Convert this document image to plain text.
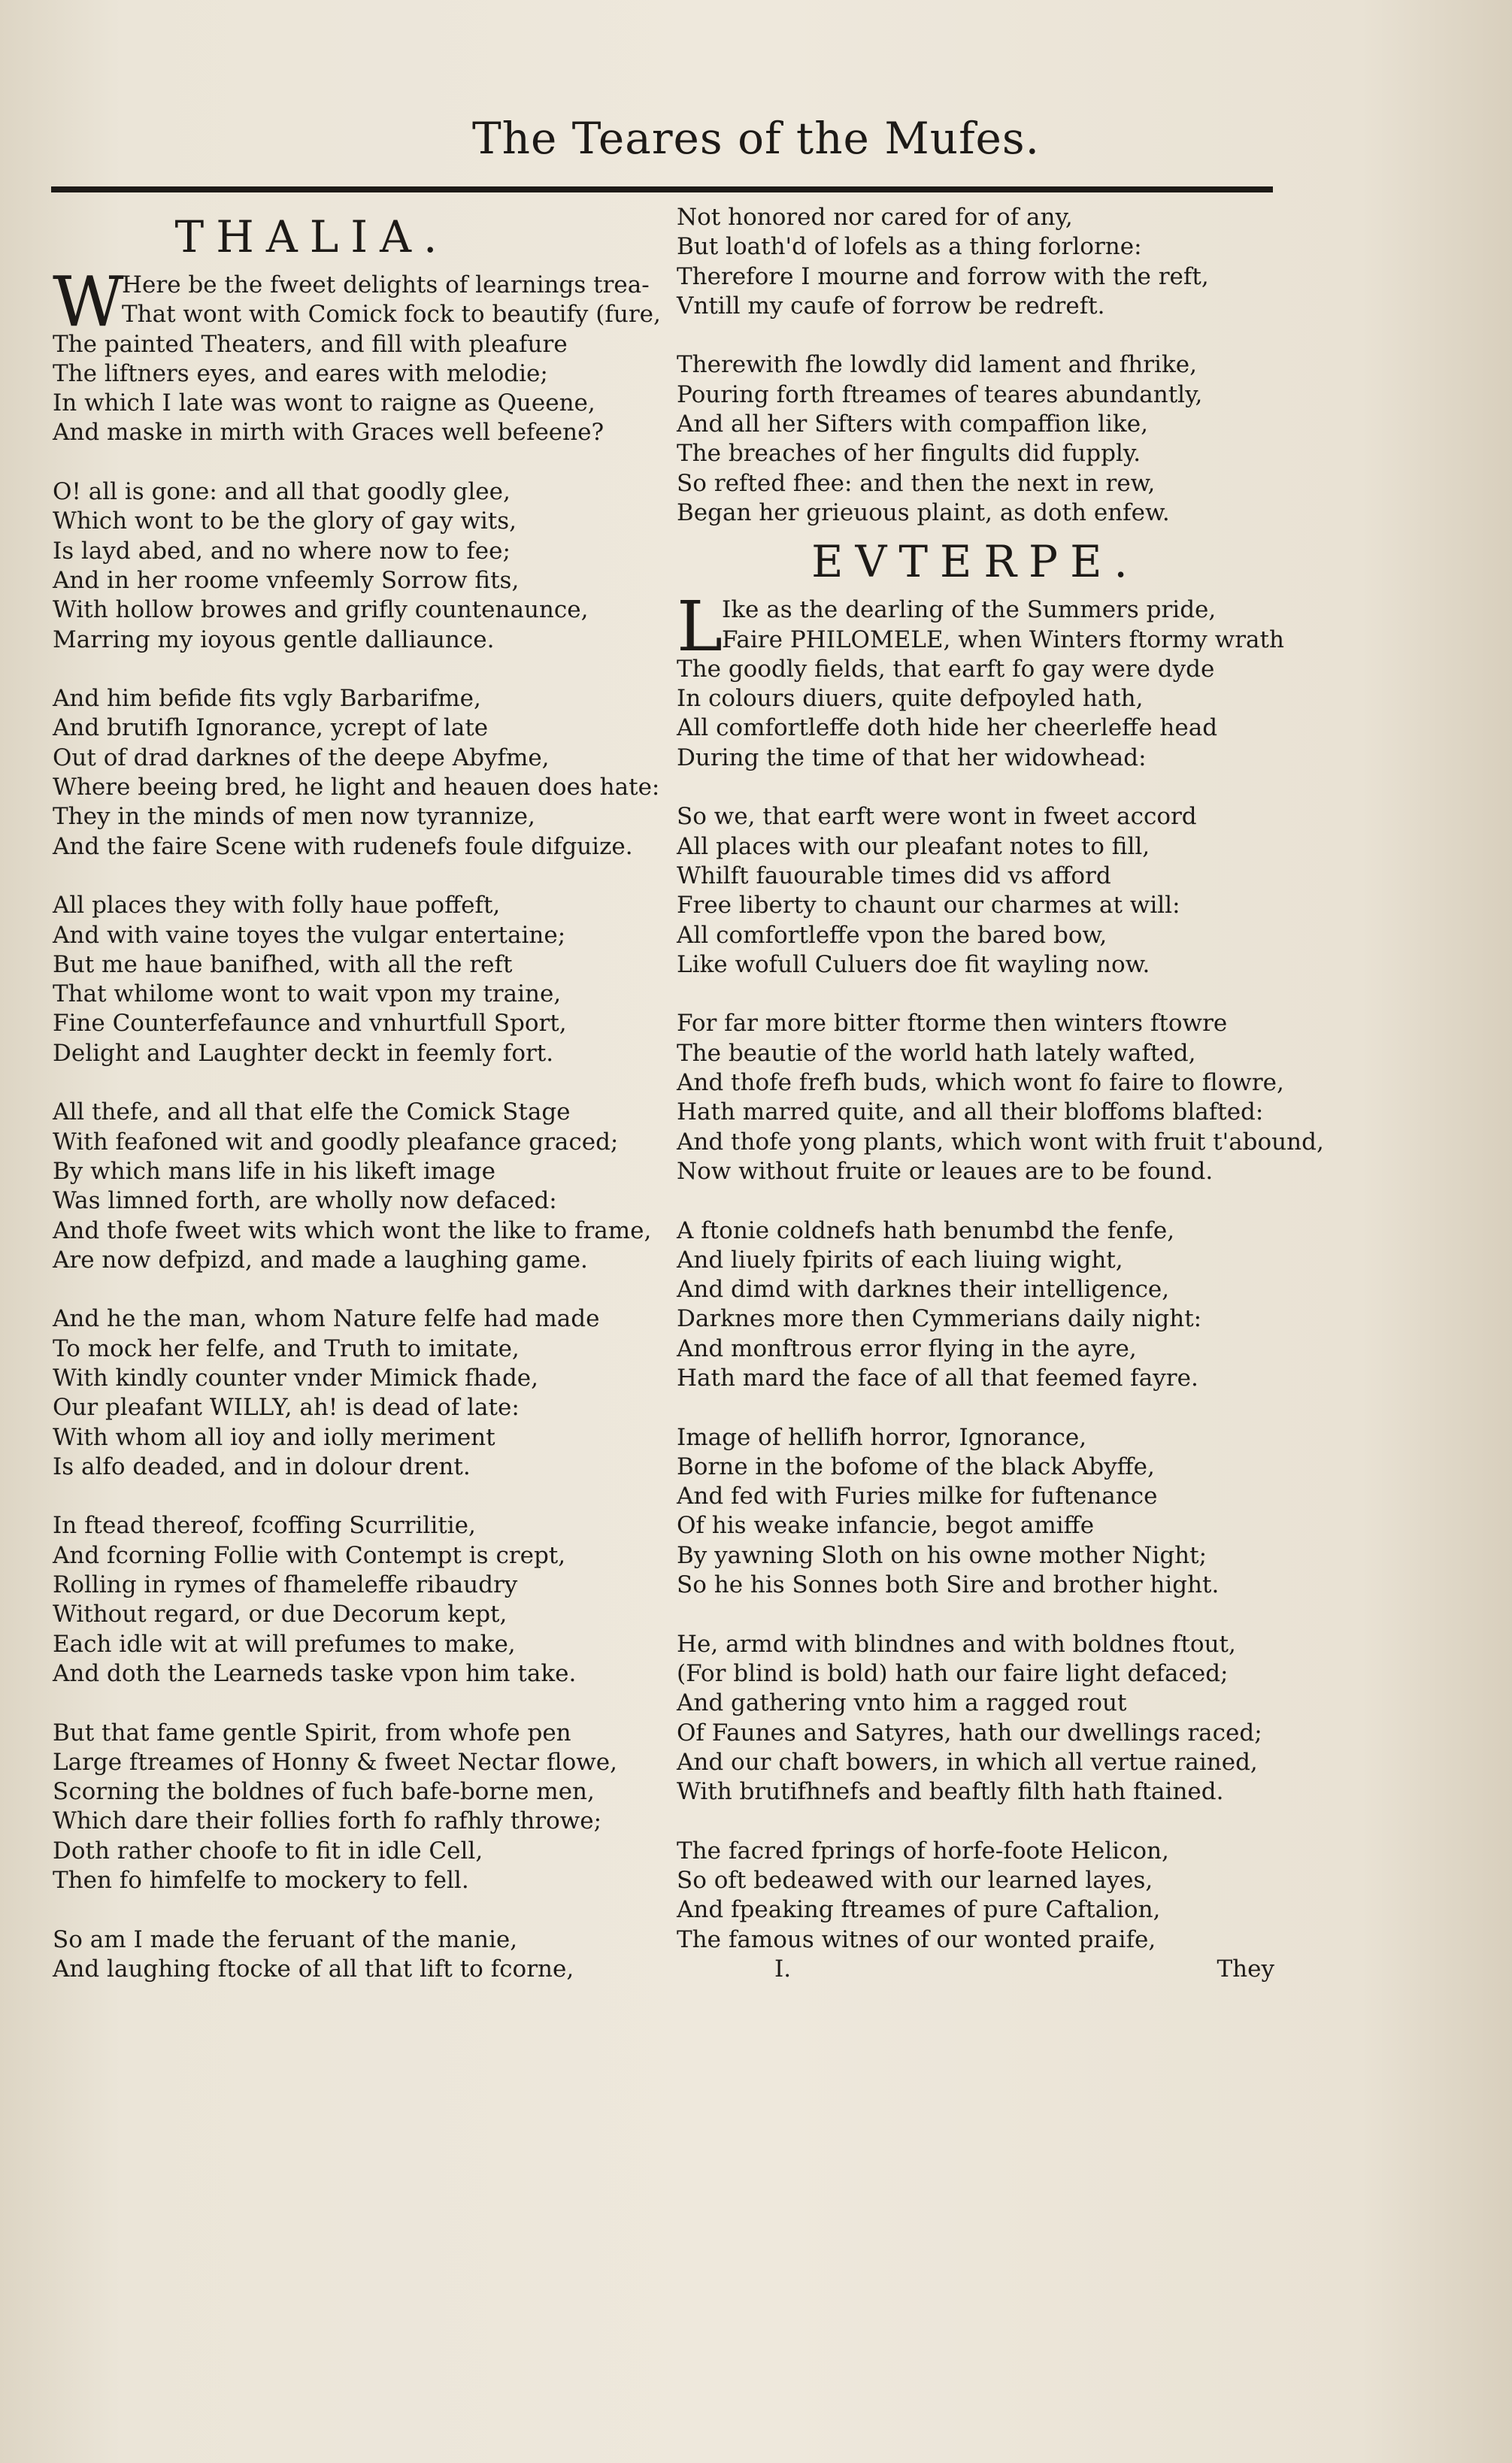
The Teares of the Mufes.
THALIA.
W
Here be the fweet delights of learnings trea-
That wont with Comick fock to beautify (fure,
The painted Theaters, and fill with pleafure
The liftners eyes, and eares with melodie;
In which I late was wont to raigne as Queene,
And maske in mirth with Graces well befeene?
O! all is gone: and all that goodly glee,
Which wont to be the glory of gay wits,
Is layd abed, and no where now to fee;
And in her roome vnfeemly Sorrow fits,
With hollow browes and grifly countenaunce,
Marring my ioyous gentle dalliaunce.
And him befide fits vgly Barbarifme,
And brutifh Ignorance, ycrept of late
Out of drad darknes of the deepe Abyfme,
Where beeing bred, he light and heauen does hate:
They in the minds of men now tyrannize,
And the faire Scene with rudenefs foule difguize.
All places they with folly haue poffeft,
And with vaine toyes the vulgar entertaine;
But me haue banifhed, with all the reft
That whilome wont to wait vpon my traine,
Fine Counterfefaunce and vnhurtfull Sport,
Delight and Laughter deckt in feemly fort.
All thefe, and all that elfe the Comick Stage
With feafoned wit and goodly pleafance graced;
By which mans life in his likeft image
Was limned forth, are wholly now defaced:
And thofe fweet wits which wont the like to frame,
Are now defpizd, and made a laughing game.
And he the man, whom Nature felfe had made
To mock her felfe, and Truth to imitate,
With kindly counter vnder Mimick fhade,
Our pleafant WILLY, ah! is dead of late:
With whom all ioy and iolly meriment
Is alfo deaded, and in dolour drent.
In ftead thereof, fcoffing Scurrilitie,
And fcorning Follie with Contempt is crept,
Rolling in rymes of fhameleffe ribaudry
Without regard, or due Decorum kept,
Each idle wit at will prefumes to make,
And doth the Learneds taske vpon him take.
But that fame gentle Spirit, from whofe pen
Large ftreames of Honny & fweet Nectar flowe,
Scorning the boldnes of fuch bafe-borne men,
Which dare their follies forth fo rafhly throwe;
Doth rather choofe to fit in idle Cell,
Then fo himfelfe to mockery to fell.
So am I made the feruant of the manie,
And laughing ftocke of all that lift to fcorne,
Not honored nor cared for of any,
But loath'd of lofels as a thing forlorne:
Therefore I mourne and forrow with the reft,
Vntill my caufe of forrow be redreft.
Therewith fhe lowdly did lament and fhrike,
Pouring forth ftreames of teares abundantly,
And all her Sifters with compaffion like,
The breaches of her fingults did fupply.
So refted fhee: and then the next in rew,
Began her grieuous plaint, as doth enfew.
EVTERPE.
L
Ike as the dearling of the Summers pride,
Faire PHILOMELE, when Winters ftormy wrath
The goodly fields, that earft fo gay were dyde
In colours diuers, quite defpoyled hath,
All comfortleffe doth hide her cheerleffe head
During the time of that her widowhead:
So we, that earft were wont in fweet accord
All places with our pleafant notes to fill,
Whilft fauourable times did vs afford
Free liberty to chaunt our charmes at will:
All comfortleffe vpon the bared bow,
Like wofull Culuers doe fit wayling now.
For far more bitter ftorme then winters ftowre
The beautie of the world hath lately wafted,
And thofe frefh buds, which wont fo faire to flowre,
Hath marred quite, and all their bloffoms blafted:
And thofe yong plants, which wont with fruit t'abound,
Now without fruite or leaues are to be found.
A ftonie coldnefs hath benumbd the fenfe,
And liuely fpirits of each liuing wight,
And dimd with darknes their intelligence,
Darknes more then Cymmerians daily night:
And monftrous error flying in the ayre,
Hath mard the face of all that feemed fayre.
Image of hellifh horror, Ignorance,
Borne in the bofome of the black Abyffe,
And fed with Furies milke for fuftenance
Of his weake infancie, begot amiffe
By yawning Sloth on his owne mother Night;
So he his Sonnes both Sire and brother hight.
He, armd with blindnes and with boldnes ftout,
(For blind is bold) hath our faire light defaced;
And gathering vnto him a ragged rout
Of Faunes and Satyres, hath our dwellings raced;
And our chaft bowers, in which all vertue rained,
With brutifhnefs and beaftly filth hath ftained.
The facred fprings of horfe-foote Helicon,
So oft bedeawed with our learned layes,
And fpeaking ftreames of pure Caftalion,
The famous witnes of our wonted praife,
I.	They
